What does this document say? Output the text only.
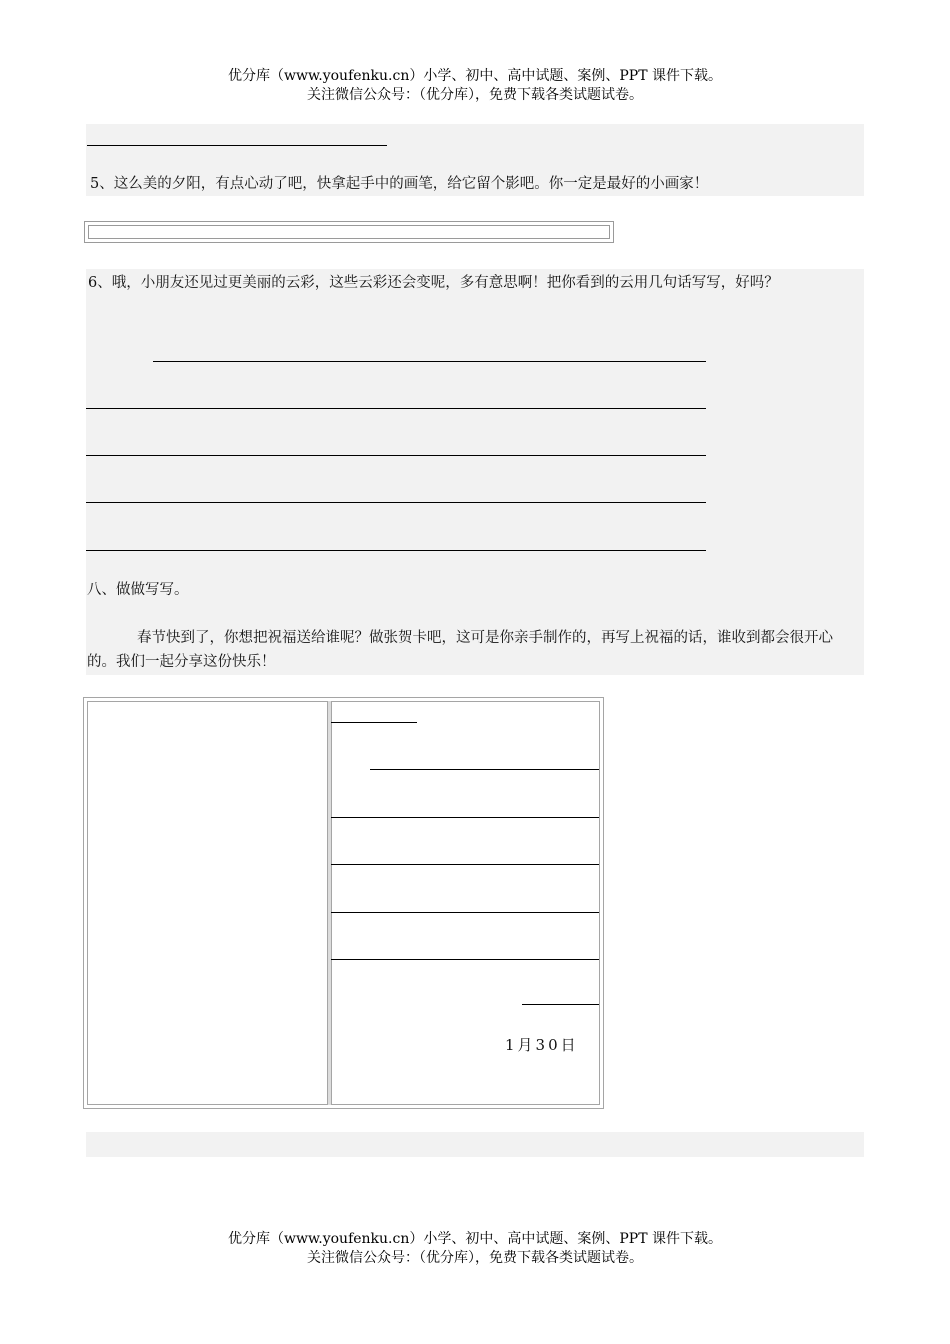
优分库（www.youfenku.cn）小学、初中、高中试题、案例、PPT 课件下载。
关注微信公众号：（优分库），免费下载各类试题试卷。
5、这么美的夕阳，有点心动了吧，快拿起手中的画笔，给它留个影吧。你一定是最好的小画家！
6、哦，小朋友还见过更美丽的云彩，这些云彩还会变呢，多有意思啊！把你看到的云用几句话写写，好吗？
八、做做写写。
春节快到了，你想把祝福送给谁呢？做张贺卡吧，这可是你亲手制作的，再写上祝福的话，谁收到都会很开心的。我们一起分享这份快乐！
1月30日
优分库（www.youfenku.cn）小学、初中、高中试题、案例、PPT 课件下载。
关注微信公众号：（优分库），免费下载各类试题试卷。
